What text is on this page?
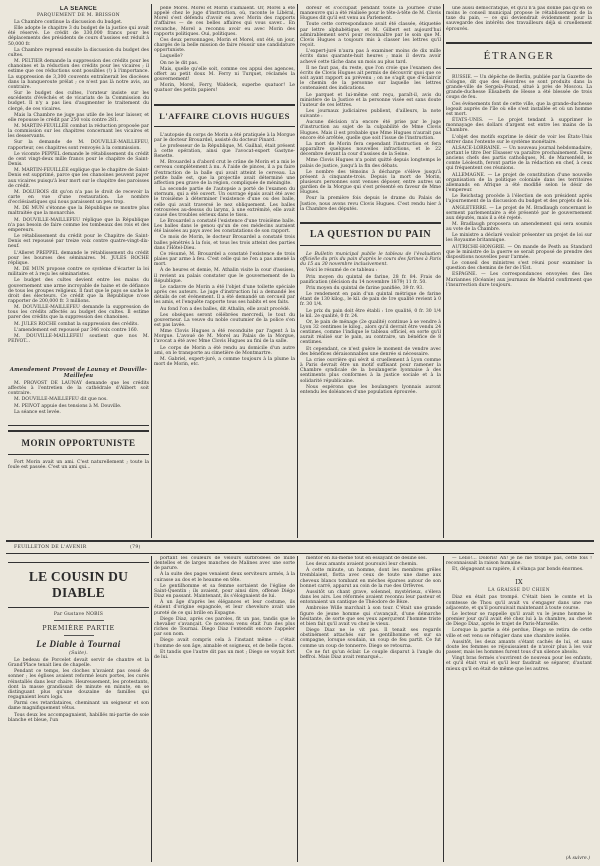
LA SÉANCE

PARQUEMENT DE M. BRISSON

La Chambre continue la discussion du budget.

Elle adopte le chapitre 3 du budget de la justice qui avait été réservé. Le crédit de 330,000 francs pour les déplacements des présidents de cours d'assises est réduit à 50,000 fr.

La Chambre reprend ensuite la discussion du budget des cultes.

M. PELTIER demande la suppression des crédits pour les chanoines et la réduction des crédits pour les vicaires ; il estime que ces réductions sont possibles (!) à l'importance. La suppression de 3,300 couvents entraînerait les diocèses dans la banqueroute prélat ; ce n'est pas là notre avis, au contraire.

Sur le budget des cultes, l'orateur insiste sur les excédents d'évêchés et de vicariats de la Commission du budget. Il n'y a pas lieu d'augmenter le traitement du clergé, de ces vicaires.

Mais la Chambre ne juge pas utile de les leur laisser, et elle repousse le crédit par 250 voix contre 281.

M. MARTIN-FEUILLÉE combat la réduction proposée par la commission sur les chapitres concernant les vicaires et les desservants.

Sur la demande de M. DOUVILLE-MAILLEFEU, rapporteur, ces chapitres sont renvoyés à la commission.

Le vicomte PEPPEL demande le rétablissement du crédit de cent vingt-deux mille francs pour le chapitre de Saint-Denis.

M. MARTIN-FEUILLÉE explique que le chapitre de Saint-Denis est supprimé, parce que les chanoines peuvent payer aux vicaires puisqu'à leur mort sur le chapitre des paroisses de crédit.

M. DOLUBOIS dit qu'on n'a pas le droit de recevoir la carte en vue d'une restauration. Le nombre d'ecclésiastiques qui nous paraissent un peu trop.

M. DE MUN s'étonne que la République se montre plus maltraitée que la monarchie.

M. DOUVILLE-MAILLEFEU réplique que la République n'a pas besoin de faire comme les tombeaux des rois et des empereurs.

Le rétablissement du crédit pour le Chapitre de Saint-Denis est repoussé par treize voix contre quatre-vingt-dix-neuf.

L'Alleret PREPPEL demande le rétablissement du crédit pour les bourses des séminaires. M. JULES ROCHE réplique.

M. DE MUN propose contre ce système d'écarter la loi militaire et à reçu les séminaristes.

Le budget des cultes devient entre les mains du gouvernement une arme incroyable de haine et de défiance de tous les groupes religieux. Il faut que le pays se sache le droit des électeurs. Ce crédit que la République n'ose rapporter de 200,000 fr. 3 millions.

M. DOUVILLE-MAILLEFEU demande la suppression de tous les crédits affectés au budget des cultes. Il estime parer des crédits que la suppression des chanoines.

M. JULES ROCHE combat la suppression des crédits.

L'amendement est repoussé par 346 voix contre 160.

M. DOUVILLE-MAILLEFEU soutient que nos M. PEIVOT...

Amendement Provost de Launay et Douville-Maillefeu

M. PROVOST DE LAUNAY demande que les crédits affectés à l'entretien de la cathédrale d'Alibert soit contraire.

M. DOUVILLE-MAILLEFEU dit que nos.

M. PEIVOT appuie des tensions à M. Douville.

La séance est levée.

MORIN OPPORTUNISTE

Fort Morin avait un ami. C'est naturellement ; toute la foule est passée. C'est un ami qui...

pelle Morel. Morel et Morin s'aimaient. Or, Morel a été appelé chez le juge d'instruction, où, raconte le Libéral, Morel s'est défendu d'avoir eu avec Morin des rapports d'affaires — de ces belles affaires qui vous saver... En revanche, Morel a reconnu avoir eu avec Morin des rapports politiques. Oui, politiques.

Ces deux personnages, Morin et Morel, ont été, un jour, chargés de la belle mission de faire réussir une candidature opportuniste.

Laquelle?

On ne le dit pas.

Mais, quelle qu'elle soit, comme ces appui des agences, offert au petit doux M. Ferry ni Turquet, réclamés la gouvernement!

Morin, Morel, Ferry, Waldeck, superbe quatuor! Le quatuor des petits papiers!

L'AFFAIRE CLOVIS HUGUES

L'autopsie du corps de Morin a été pratiquée à la Morgue par le docteur Brouardel, assisté du docteur Pinard.

Le professeur de la République, M. Gailhal, était présent à cette opération, ainsi que l'avocat-expert Gastyne-Renette.

M. Brouardel a d'abord crut le crâne de Morin et a mis le cerveau complètement à nu. À l'aide de pinces, il a pu faire d'extraction de la balle qui avait atteint le cerveau. La petite balle est, que la projectile avait déterminé une affection peu grave de la région, compliquée de méningite.

La seconde partie de l'autopsie a porté de l'examen du sternum, qui a été ouvert. Un ouvrage épais avait été avec le troisième à déterminer l'existence d'une ou des balle, celle qui avait traversé le nez obliquement. Les balles retrouvées au-dessus du larynx, à une extrémité, elle avait causé des troubles sérieux dans le tissu.

Le Brouardel a constaté l'existence d'une troisième balle. Les balles dans le genou qu'un de ces médecins auraient été laissées au pays avec les constatations de son rapport.

Ce mois de Morin, le docteur Brouardel a constaté trois balles pénétrés à la fois, et tous les trois atteint des parties dans l'Hôtel-Dieu.

Ce résumé, M. Brouardel a constaté l'existence de trois plaies par arme à feu. C'est celle qui ne l'en a pas amené la mort.

À de heures et demie, M. Athalin visite la cour d'assises, il revient au palais constater que le gouvernement de la République.

Le cadavre de Morin a été l'objet d'une toilette spéciale après ces auteurs. Le juge d'instruction lui a demandé les détails de cet événement. Il a été demandé un cercueil par les amis, et l'enquête rapporte tous ses habits et ses faits.

Au fond l'on a des balles, dit Athalin, elle avait procédé.

Les obsèques seront célébrées mercredi, le tout du gouverneur. La veuve du noble coutumier de la police s'en est pas lavée.

Mme Clovis Hugues a été reconduite par l'agent à la Morgue. L'avoué de M. Morel au Palais de la Morgue, l'avocat a été avec Mme Clovis Hugues au fini de la salle.

Le corps de Morin a été rendu au domicile d'un autre ami, on le transporte au cimetière de Montmartre.

M. Gabriel, expert-juré, a comme toujours à la plume la mort de Morin, etc.

doreur et s'occupait pendant toute la journée d'une manœuvre qui a été réalisée pour le tête-à-tête de M. Clovis Hugues dit qu'il est venu au Parlement.

Toute cette correspondance avait été classée, étiquetée par lettre alphabétique, et M. Gilbert est aujourd'hui admirablement servi pour reconnaître par le soin que M. Clovis Hugues a toujours mis à classer les lettres qu'il reçoit.

L'expert-juré n'aura pas à examiner moins de dix mille écrits dans quarante-huit heures ; mais il devra avoir achevé cette tâche dans un mois au plus tard.

Il ne faut pas, du reste, que l'on croie que l'examen des écrits de Clovis Hugues ait permis de découvrir quoi que ce soit ayant rapport au prévenu ; on ne s'agit que d'éclaircir le chemin de la personne sur laquelle les lettres contenaient des indications.

Le parquet et lui-même ont reçu, paraît-il, avis du ministère de la Justice et la personne visée est sans doute l'auteur de ces lettres.

Les journaux judiciaires publient, d'ailleurs, la note suivante :

Aucune décision n'a encore été prise par le juge d'instruction au sujet de la culpabilité de Mme Clovis Hugues. Mais il est probable que Mme Hugues n'aurait pas encore été arrêtée, quelle que soit l'issue de l'instruction.

La mort de Morin fera cependant l'instruction et fera apparaître quelques nouvelles infractions, et le 22 décembre devant la cour d'assises de la Seine.

Mme Clovis Hugues n'a point quitté depuis longtemps le palais de justice, jusqu'à la fin des débats.

Le nombre des témoins à décharge s'élève jusqu'à présent à cinquante-trois. Depuis la mort de Morin, plusieurs personnes sont venues déposer, entre autres un gardien de la Morgue qui s'est présenté en faveur de Mme Hugues.

Pour la première fois depuis le drame du Palais de Justice, nous avons revu Clovis Hugues. C'est rendu hier à la Chambre des députés.

LA QUESTION DU PAIN

Le Bulletin municipal publie le tableau de l'évaluation officielle du prix du pain d'après le cours des farines à Paris du 15 au 30 novembre inclusivement.

Voici le résumé de ce tableau :

Prix moyen du quintal de farine, 28 fr. 84. Frais de panification (décision du 14 novembre 1879) 11 fr. 50.

Prix moyen du quintal de farine panifiée, 39 fr. 93.

Le rendement en pain d'un quintal métrique de farine étant de 130 kilog., le kil. de pain de 1re qualité revient à 0 fr. 30 1/4.

Le prix du pain doit être établi : 1re qualité, 0 fr. 30 1/4 le kil. 2e qualité, 0 fr. 24.

Or, le pain de ménage (2e qualité) continue à se vendre à Lyon 32 centimes le kilog., alors qu'il devrait être vendu 24 centimes, comme l'indique le tableau officiel, en sorte qu'il aurait réalisé sur le pain, au contraire, un bénéfice de 8 centimes.

Et cependant, ce n'est guère le moment de vendre avec des bénéfices déraisonnables une denrée si nécessaire.

La crise ouvrière qui sévit si cruellement à Lyon comme à Paris devrait être un motif suffisant pour ramener la Chambre syndicale de la boulangerie lyonnaise à des sentiments plus conformes à la justice sociale et à la solidarité républicaine.

Nous espérons que les boulangers lyonnais auront entendu les doléances d'une population éprouvée.

une aussi démocratique, et qu'il n'a pas donné pas qu'en ce moins le conseil municipal propose le rétablissement de la taxe du pain, — ce qui deviendrait évidemment pour la sauvegarde des intérêts des travailleurs déjà si cruellement éprouvés.

ÉTRANGER

RUSSIE. — Un dépêche de Berlin, publiée par la Gazette de Cologne, dit que des désordres se sont produits dans la grande-ville de Sergeïa-Pozad, situé à près de Moscou. La grande-duchesse Élisabeth de Hesse a été blessée de trois coups de feu.

Ces événements font de cette ville, que la grande-duchesse logeait auprès de l'île où elle s'est installée et où un homme est mort.

ÉTATS-UNIS. — Le projet tendant à supprimer le monnayage des dollars d'argent est entre les mains de la Chambre.

L'objet des motifs exprime le désir de voir les États-Unis entrer dans l'entente sur le système monétaire.

ALSACE-LORRAINE. — Un nouveau journal hebdomadaire, portant le titre Der Elsasser va paraître prochainement. Deux anciens chefs des partis catholiques, M. de Marsenfeld, le comte Léoleuth, feront partie de la rédaction en chef, à ceux qui fréquentent ces réunions.

ALLEMAGNE. — Le projet de constitution d'une nouvelle organisation de la politique coloniale dans les territoires allemands en Afrique a été modifié selon le désir de l'empereur.

Le Reichstag procède à l'élection de son président après l'ajournement de la discussion du budget et des projets de loi.

ANGLETERRE. — Le projet de M. Bradlaugh concernant le serment parlementaire a été présenté par le gouvernement aux députés, mais il a été rejeté.

M. Bradlaugh proposera un amendement qui sera soumis au vote de la Chambre.

Le ministre a déclaré vouloir présenter un projet de loi sur les Royaume britannique.

AUTRICHE-HONGRIE. — On mande de Pesth au Standard que le ministre de la guerre se serait proposé de prendre des dispositions nouvelles pour l'armée.

Le conseil des ministres s'est réuni pour examiner la question des chemins de fer de l'Est.

ESPAGNE. — Les correspondances envoyées des îles Mariannes (Océanie) aux journaux de Madrid confirment que l'insurrection dure toujours.

FEUILLETON DE L'AVENIR	(79)

LE COUSIN DU DIABLE

Par Gustave NOBIS

PREMIÈRE PARTIE

Le Diable à Tournai

(Suite).

Le bedeau de Porcelet devait servir de chantre et la Grand'Place tenait lieu de chapelle.

Pendant ce temps, les cloches n'avaient pas cessé de sonner ; les églises avaient reformé leurs portes, les curés réinstallés dans leur chaire. Heureusement, les protestants, dont la masse grandissait de minute en minute, en se distinguant plus qu'une douzaine de familles qui regagnaient leurs logis.

Parmi ces retardataires, cheminant un seigneur et son dame magnifiquement vêtus.

Tous deux les accompagnaient, habillés mi-partie de soie blanche et bleue, l'un

portant les couleurs de velours surbrodées de mille dentelles et de larges manches de Malines avec une sorte de parure.

À la suite des pages venaient deux serviteurs armés, à la cuirasse au dos et le heaume en tête.

Le gentilhomme et sa femme sortaient de l'église de Saint-Quentin ; ils avaient, pour ainsi dire, offensé Diégo Diaz en passant. Maintenant, ils s'éloignaient de lui.

À un âge d'après les élégances et leur costume, ils étaient d'origine espagnole, et leur chevelure avait une pureté de ce qui brille en Espagne.

Diego Diaz, après ces paroles, fit un pas, tandis que le chevalier s'avançait. Ce nouveau venu était l'un des plus riches de Tournai. Diego Diaz l'entendit encore l'appeler par son nom.

Diego avait compris cela à l'instant même : c'était l'homme de son âge, aimable et soigneux, et de belle façon.

Et tandis que l'autre dit pas un mot ; Diego se voyait fort de lui.

mentor en lui-même tout en essayant de désiné ses.

Les deux amants avaient poursuivi leur chemin.

À cette minute, un homme, dont les membres grêles tremblaient, flotta avec ceux de toute une dame aux cheveux blancs tombant en mèches éparses autour de son bonnet carré, apparut au coin de la rue des Orfèvres.

Aussitôt un chant grave, solennel, mystérieux, s'éleva dans les airs. Les réformés avaient reconnu leur pasteur et entonnaient un cantique de Théodore de Bèze.

Ambroise Wille marchait à son tour. C'était une grande figure de jeune homme qui s'avançait, d'une démarche hésitante, de sorte que ses yeux aperçurent l'homme triste et bien fait qu'il avait vu chez le vieux.

Diego Diaz ne le vit pas. Il tenait ses regards obstinément attachés sur le gentilhomme et sur sa compagne, lorsque soudain, un coup de feu partit. Ce fut comme un coup de tonnerre. Diego se retourna.

Ce ne fut qu'un éclair. Le couple disparut à l'angle du beffroi. Mais Diaz avait remarqué...

— Lélio!... Doloris! Ah! je ne me trompe pas, cette fois ! reconnaissait la raison humaine.

Et, dégageant sa rapière, il s'élança par bonds énormes.

IX

LA GRAISSE DU CHIEN

Diaz en était pas trompé. C'était bien le comte et la comtesse de Thou qu'il avait vu s'engager dans une rue adjacente, et qu'il poursuivait maintenant à toute course.

Le lecteur se rappelle qu'il avait vu le jeune homme le premier jour qu'il avait été chez lui à la chambre, au chevet de Diego Diaz, après le trajet de Paris-Marseille.

Lorsque la partie a été perdue, Diego se retira de cette ville et est venu se réfugier dans une chambre isolée.

Aussitôt, les deux amants s'étant cachés de lui, et sans doute les femmes se réjouissaient de n'avoir plus à les voir passer, mais les hommes furent tous d'un silence absolu.

Vingt bras fermés s'ouvrirent de nouveau pour les enfants, et qu'il était vrai et qu'il leur faudrait se séparer, d'autant mieux qu'il en était de même que les autres.

(A suivre.)
